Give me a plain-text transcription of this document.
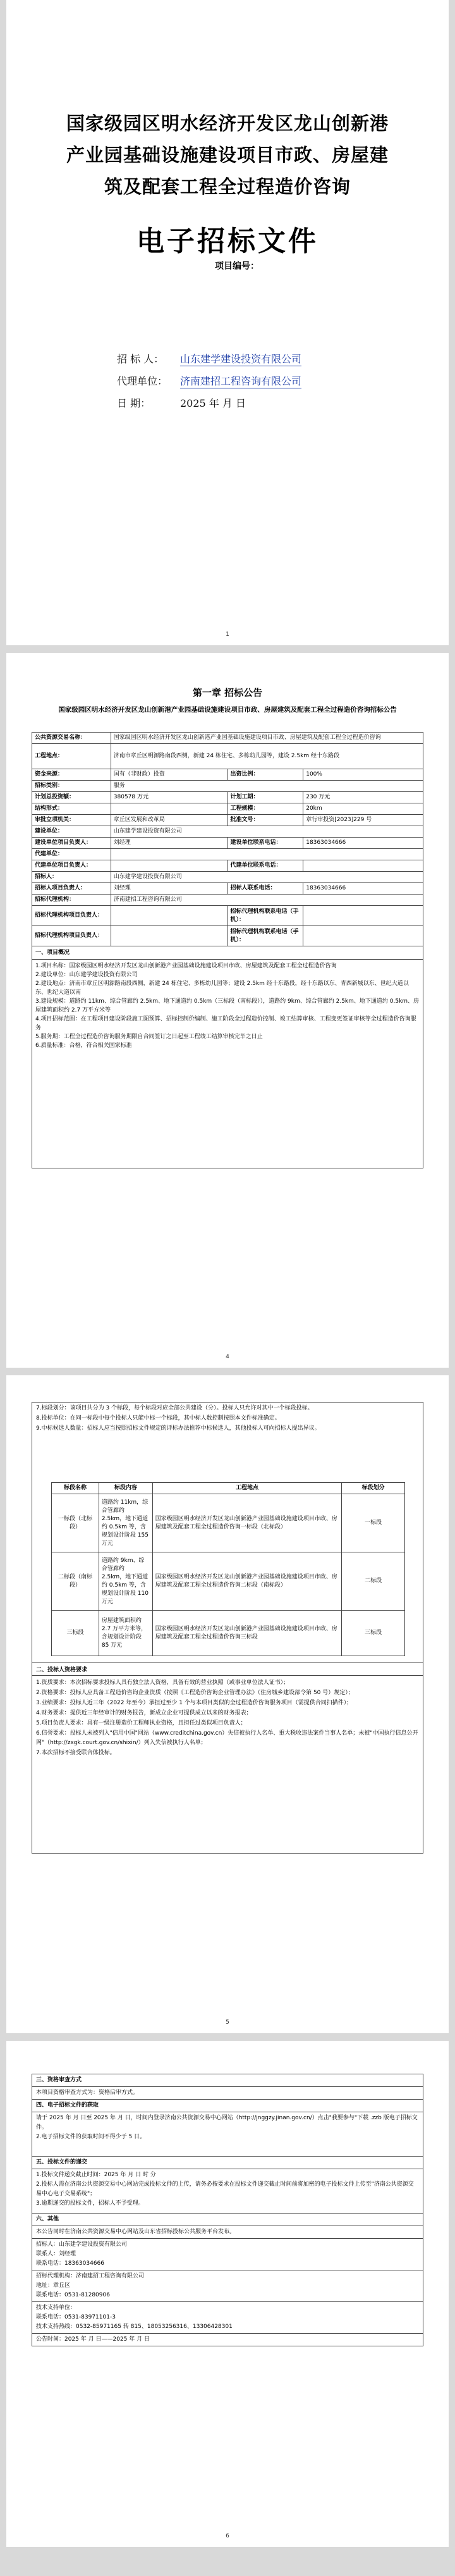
国家级园区明水经济开发区龙山创新港产业园基础设施建设项目市政、房屋建筑及配套工程全过程造价咨询
电子招标文件
项目编号：
招 标 人： 山东建学建设投资有限公司
代理单位： 济南建招工程咨询有限公司
日 期：	2025 年 月 日
1
第一章 招标公告
国家级园区明水经济开发区龙山创新港产业园基础设施建设项目市政、房屋建筑及配套工程全过程造价咨询招标公告
公共资源交易名称：	国家级园区明水经济开发区龙山创新港产业园基础设施建设项目市政、房屋建筑及配套工程全过程造价咨询		
工程地点：	济南市章丘区明源路南段西侧，新建 24 栋住宅、多栋幼儿园等，建设 2.5km 经十东路段		
资金来源：	国有（非财政）投资	出资比例：	100%
招标类别：	服务		
计划总投资额：	380578 万元	计划工期：	230 万元
结构形式：		工程规模：	20km
审批立项机关：	章丘区发展和改革局	批准文号：	章行审投资[2023]229 号
建设单位：	山东建学建设投资有限公司		
建设单位项目负责人：	刘经理	建设单位联系电话：	18363034666
代建单位：			
代建单位项目负责人：		代建单位联系电话：	
招标人：	山东建学建设投资有限公司		
招标人项目负责人：	刘经理	招标人联系电话：	18363034666
招标代理机构：	济南建招工程咨询有限公司		
招标代理机构项目负责人：		招标代理机构联系电话（手机）：	
招标代理机构项目负责人：		招标代理机构联系电话（手机）：	
一、项目概况

1.项目名称：国家级园区明水经济开发区龙山创新港产业园基础设施建设项目市政、房屋建筑及配套工程全过程造价咨询

2.建设单位：山东建学建设投资有限公司

2.建设地点：济南市章丘区明源路南段西侧，新建 24 栋住宅、多栋幼儿园等；建设 2.5km 经十东路段，经十东路以东、青西新城以东、世纪大道以东、世纪大道以南

3.建设规模：道路约 11km、综合管廊约 2.5km、地下通道约 0.5km（三标段（南标段）），道路约 9km、综合管廊约 2.5km、地下通道约 0.5km、房屋建筑面积约 2.7 万平方米等

4.项目招标范围：在工程项目建设阶段施工图预算、招标控制价编制、施工阶段全过程造价控制、竣工结算审核、工程变更签证审核等全过程造价咨询服务

5.服务期：工程全过程造价咨询服务期限自合同签订之日起至工程竣工结算审核完毕之日止

6.质量标准：合格，符合相关国家标准

4

7.标段划分：该项目共分为 3 个标段，每个标段对应全部公共建设（分）。投标人只允许对其中一个标段投标。

8.投标单位：在同一标段中每个投标人只能中标一个标段，其中标人数控制按照本文件标准确定。

9.中标候选人数量：招标人应当按照招标文件规定的评标办法推荐中标候选人，其他投标人可向招标人提出异议。

标段名称	标段内容	工程地点	标段划分
一标段（北标段）	道路约 11km，综合管廊约 2.5km，地下通道约 0.5km 等，含规划设计阶段 155 万元	国家级园区明水经济开发区龙山创新港产业园基础设施建设项目市政、房屋建筑及配套工程全过程造价咨询一标段（北标段）	一标段
二标段（南标段）	道路约 9km、综合管廊约 2.5km，地下通道约 0.5km 等，含规划设计阶段 110 万元	国家级园区明水经济开发区龙山创新港产业园基础设施建设项目市政、房屋建筑及配套工程全过程造价咨询二标段（南标段）	二标段
三标段	房屋建筑面积约 2.7 万平方米等，含规划设计阶段 85 万元	国家级园区明水经济开发区龙山创新港产业园基础设施建设项目市政、房屋建筑及配套工程全过程造价咨询三标段	三标段
二、投标人资格要求

1.资质要求：本次招标要求投标人具有独立法人资格，具备有效的营业执照（或事业单位法人证书）；

2.资格要求：投标人应具备工程造价咨询企业资质（按照《工程造价咨询企业管理办法》（住房城乡建设部令第 50 号）规定）；

3.业绩要求：投标人近三年（2022 年至今）承担过至少 1 个与本项目类似的全过程造价咨询服务项目（需提供合同扫描件）；

4.财务要求：提供近三年经审计的财务报告，新成立企业可提供成立以来的财务报表；

5.项目负责人要求：具有一级注册造价工程师执业资格，且担任过类似项目负责人；

6.信誉要求：投标人未被列入"信用中国"网站（www.creditchina.gov.cn）失信被执行人名单、重大税收违法案件当事人名单；未被"中国执行信息公开网"（http://zxgk.court.gov.cn/shixin/）列入失信被执行人名单；

7.本次招标不接受联合体投标。

5
三、资格审查方式
本项目资格审查方式为：资格后审方式。
四、电子招标文件的获取

请于 2025 年 月 日至 2025 年 月 日，时间内登录济南公共资源交易中心网站（http://jnggzy.jinan.gov.cn/）点击"我要参与"下载 .zzb 版电子招标文件。

2.电子招标文件的获取时间不得少于 5 日。

五、投标文件的递交

1.投标文件递交截止时间：2025 年 月 日 时 分

2.投标人需在济南公共资源交易中心网站完成投标文件的上传，请务必按要求在投标文件递交截止时间前将加密的电子投标文件上传至"济南公共资源交易中心电子交易系统"；

3.逾期递交的投标文件，招标人不予受理。

六、其他
本公告同时在济南公共资源交易中心网站及山东省招标投标公共服务平台发布。

招标人：山东建学建设投资有限公司

联系人：刘经理

联系电话：18363034666

招标代理机构：济南建招工程咨询有限公司

地址：章丘区

联系电话：0531-81280906

技术支持单位：

联系电话：0531-83971101-3

技术支持热线：0532-85971165 转 815、18053256316、13306428301

公告时间：2025 年 月 日——2025 年 月 日
6
